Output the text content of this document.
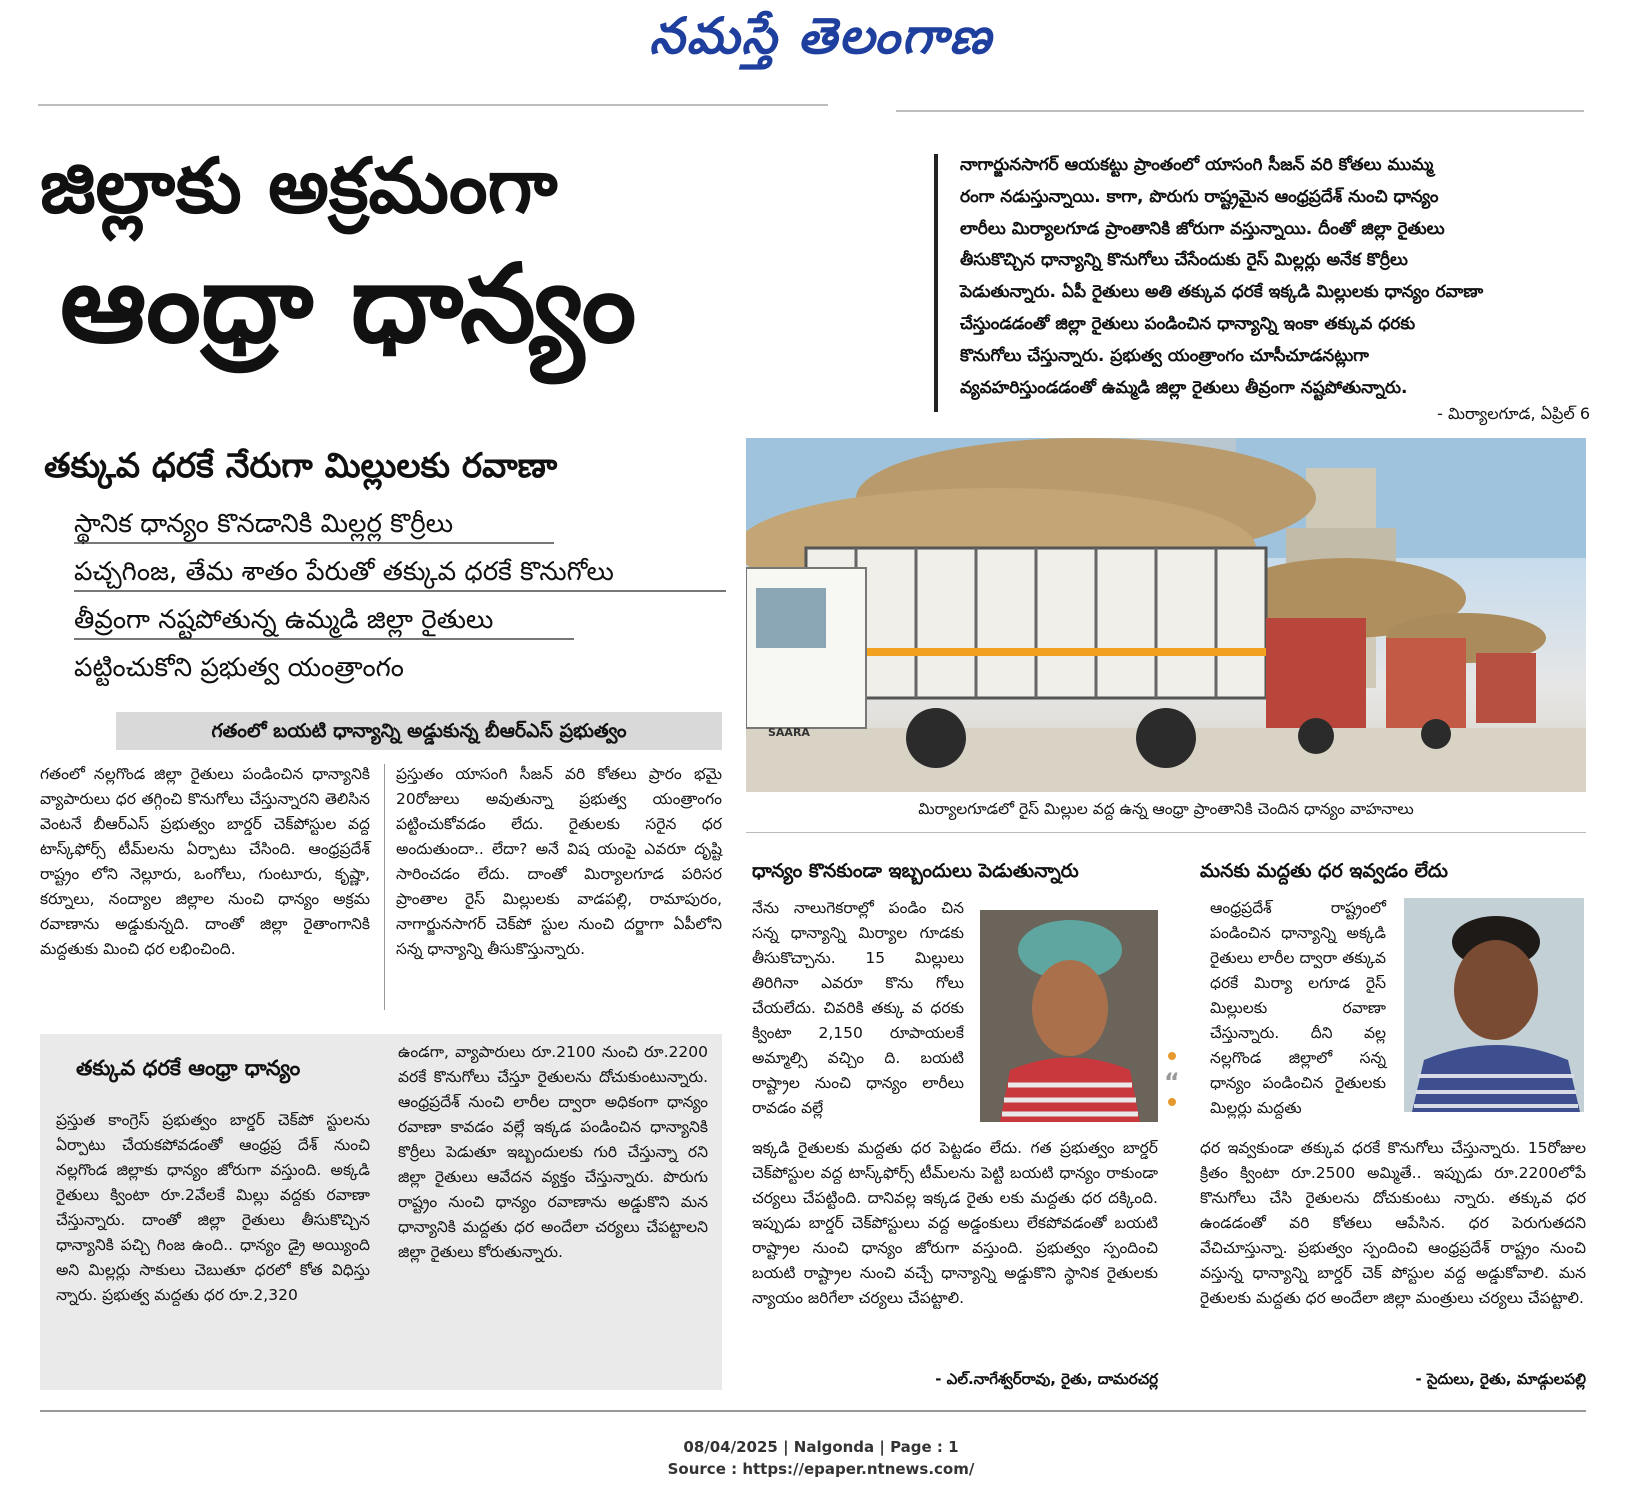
నమస్తే తెలంగాణ
జిల్లాకు అక్రమంగా
ఆంధ్రా ధాన్యం

నాగార్జునసాగర్ ఆయకట్టు ప్రాంతంలో యాసంగి సీజన్ వరి కోతలు ముమ్మ

రంగా నడుస్తున్నాయి. కాగా, పొరుగు రాష్ట్రమైన ఆంధ్రప్రదేశ్ నుంచి ధాన్యం

లారీలు మిర్యాలగూడ ప్రాంతానికి జోరుగా వస్తున్నాయి. దీంతో జిల్లా రైతులు

తీసుకొచ్చిన ధాన్యాన్ని కొనుగోలు చేసేందుకు రైస్ మిల్లర్లు అనేక కొర్రీలు

పెడుతున్నారు. ఏపీ రైతులు అతి తక్కువ ధరకే ఇక్కడి మిల్లులకు ధాన్యం రవాణా

చేస్తుండడంతో జిల్లా రైతులు పండించిన ధాన్యాన్ని ఇంకా తక్కువ ధరకు

కొనుగోలు చేస్తున్నారు. ప్రభుత్వ యంత్రాంగం చూసీచూడనట్లుగా

వ్యవహరిస్తుండడంతో ఉమ్మడి జిల్లా రైతులు తీవ్రంగా నష్టపోతున్నారు.

- మిర్యాలగూడ, ఏప్రిల్ 6
తక్కువ ధరకే నేరుగా మిల్లులకు రవాణా
స్థానిక ధాన్యం కొనడానికి మిల్లర్ల కొర్రీలు
పచ్చగింజ, తేమ శాతం పేరుతో తక్కువ ధరకే కొనుగోలు
తీవ్రంగా నష్టపోతున్న ఉమ్మడి జిల్లా రైతులు
పట్టించుకోని ప్రభుత్వ యంత్రాంగం
గతంలో బయటి ధాన్యాన్ని అడ్డుకున్న బీఆర్ఎస్ ప్రభుత్వం

గతంలో నల్లగొండ జిల్లా రైతులు పండించిన ధాన్యానికి వ్యాపారులు ధర తగ్గించి కొనుగోలు చేస్తున్నారని తెలిసిన వెంటనే బీఆర్ఎస్ ప్రభుత్వం బార్డర్ చెక్‌పోస్టుల వద్ద టాస్క్‌ఫోర్స్ టీమ్‌లను ఏర్పాటు చేసింది. ఆంధ్రప్రదేశ్ రాష్ట్రం లోని నెల్లూరు, ఒంగోలు, గుంటూరు, కృష్ణా, కర్నూలు, నంద్యాల జిల్లాల నుంచి ధాన్యం అక్రమ రవాణాను అడ్డుకున్నది. దాంతో జిల్లా రైతాంగానికి మద్దతుకు మించి ధర లభించింది.

ప్రస్తుతం యాసంగి సీజన్ వరి కోతలు ప్రారం భమై 20రోజులు అవుతున్నా ప్రభుత్వ యంత్రాంగం పట్టించుకోవడం లేదు. రైతులకు సరైన ధర అందుతుందా.. లేదా? అనే విష యంపై ఎవరూ దృష్టి సారించడం లేదు. దాంతో మిర్యాలగూడ పరిసర ప్రాంతాల రైస్ మిల్లులకు వాడపల్లి, రామాపురం, నాగార్జునసాగర్ చెక్‌పో స్టుల నుంచి దర్జాగా ఏపీలోని సన్న ధాన్యాన్ని తీసుకొస్తున్నారు.

తక్కువ ధరకే ఆంధ్రా ధాన్యం

ప్రస్తుత కాంగ్రెస్ ప్రభుత్వం బార్డర్ చెక్‌పో స్టులను ఏర్పాటు చేయకపోవడంతో ఆంధ్రప్ర దేశ్ నుంచి నల్లగొండ జిల్లాకు ధాన్యం జోరుగా వస్తుంది. అక్కడి రైతులు క్వింటా రూ.2వేలకే మిల్లు వద్దకు రవాణా చేస్తున్నారు. దాంతో జిల్లా రైతులు తీసుకొచ్చిన ధాన్యానికి పచ్చి గింజ ఉంది.. ధాన్యం డ్రై అయ్యింది అని మిల్లర్లు సాకులు చెబుతూ ధరలో కోత విధిస్తు న్నారు. ప్రభుత్వ మద్దతు ధర రూ.2,320

ఉండగా, వ్యాపారులు రూ.2100 నుంచి రూ.2200 వరకే కొనుగోలు చేస్తూ రైతులను దోచుకుంటున్నారు. ఆంధ్రప్రదేశ్ నుంచి లారీల ద్వారా అధికంగా ధాన్యం రవాణా కావడం వల్లే ఇక్కడ పండించిన ధాన్యానికి కొర్రీలు పెడుతూ ఇబ్బందులకు గురి చేస్తున్నా రని జిల్లా రైతులు ఆవేదన వ్యక్తం చేస్తున్నారు. పొరుగు రాష్ట్రం నుంచి ధాన్యం రవాణాను అడ్డుకొని మన ధాన్యానికి మద్దతు ధర అందేలా చర్యలు చేపట్టాలని జిల్లా రైతులు కోరుతున్నారు.

SAARA
మిర్యాలగూడలో రైస్ మిల్లుల వద్ద ఉన్న ఆంధ్రా ప్రాంతానికి చెందిన ధాన్యం వాహనాలు
ధాన్యం కొనకుండా ఇబ్బందులు పెడుతున్నారు

నేను నాలుగెకరాల్లో పండిం చిన సన్న ధాన్యాన్ని మిర్యాల గూడకు తీసుకొచ్చాను. 15 మిల్లులు తిరిగినా ఎవరూ కొను గోలు చేయలేదు. చివరికి తక్కు వ ధరకు క్వింటా 2,150 రూపాయలకే అమ్మాల్సి వచ్చిం ది. బయటి రాష్ట్రాల నుంచి ధాన్యం లారీలు రావడం వల్లే

ఇక్కడి రైతులకు మద్దతు ధర పెట్టడం లేదు. గత ప్రభుత్వం బార్డర్ చెక్‌పోస్టుల వద్ద టాస్క్‌ఫోర్స్ టీమ్‌లను పెట్టి బయటి ధాన్యం రాకుండా చర్యలు చేపట్టింది. దానివల్ల ఇక్కడ రైతు లకు మద్దతు ధర దక్కింది. ఇప్పుడు బార్డర్ చెక్‌పోస్టులు వద్ద అడ్డంకులు లేకపోవడంతో బయటి రాష్ట్రాల నుంచి ధాన్యం జోరుగా వస్తుంది. ప్రభుత్వం స్పందించి బయటి రాష్ట్రాల నుంచి వచ్చే ధాన్యాన్ని అడ్డుకొని స్థానిక రైతులకు న్యాయం జరిగేలా చర్యలు చేపట్టాలి.

- ఎల్.నాగేశ్వర్‌రావు, రైతు, దామరచర్ల
“
మనకు మద్దతు ధర ఇవ్వడం లేదు

ఆంధ్రప్రదేశ్ రాష్ట్రంలో పండించిన ధాన్యాన్ని అక్కడి రైతులు లారీల ద్వారా తక్కువ ధరకే మిర్యా లగూడ రైస్ మిల్లులకు రవాణా చేస్తున్నారు. దీని వల్ల నల్లగొండ జిల్లాలో సన్న ధాన్యం పండించిన రైతులకు మిల్లర్లు మద్దతు

ధర ఇవ్వకుండా తక్కువ ధరకే కొనుగోలు చేస్తున్నారు. 15రోజుల క్రితం క్వింటా రూ.2500 అమ్మితే.. ఇప్పుడు రూ.2200లోపే కొనుగోలు చేసి రైతులను దోచుకుంటు న్నారు. తక్కువ ధర ఉండడంతో వరి కోతలు ఆపేసిన. ధర పెరుగుతదని వేచిచూస్తున్నా. ప్రభుత్వం స్పందించి ఆంధ్రప్రదేశ్ రాష్ట్రం నుంచి వస్తున్న ధాన్యాన్ని బార్డర్ చెక్ పోస్టుల వద్ద అడ్డుకోవాలి. మన రైతులకు మద్దతు ధర అందేలా జిల్లా మంత్రులు చర్యలు చేపట్టాలి.

- సైదులు, రైతు, మాడ్గులపల్లి
08/04/2025 | Nalgonda | Page : 1
Source : https://epaper.ntnews.com/
